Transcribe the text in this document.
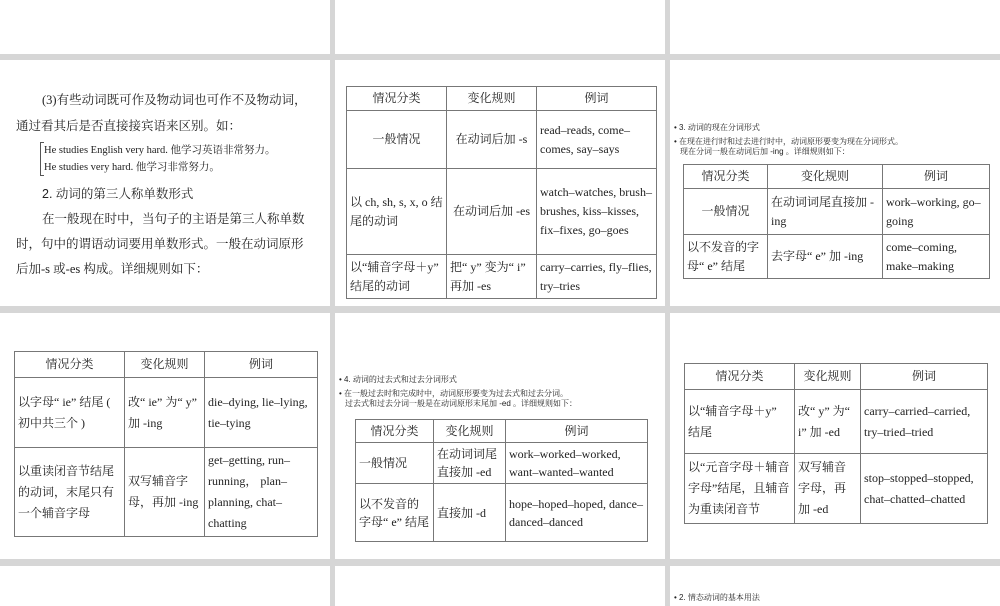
(3)有些动词既可作及物动词也可作不及物动词，

通过看其后是否直接接宾语来区别。如：

He studies English very hard. 他学习英语非常努力。

He studies very hard. 他学习非常努力。

2. 动词的第三人称单数形式

在一般现在时中，当句子的主语是第三人称单数

时，句中的谓语动词要用单数形式。一般在动词原形

后加-s 或-es 构成。详细规则如下：

情况分类	变化规则	例词
一般情况	在动词后加 -s	read–reads, come–comes, say–says
以 ch, sh, s, x, o 结尾的动词	在动词后加 -es	watch–watches, brush–brushes, kiss–kisses, fix–fixes, go–goes
以“辅音字母＋y” 结尾的动词	把“ y” 变为“ i” 再加 -es	carry–carries, fly–flies, try–tries

• 3. 动词的现在分词形式

• 在现在进行时和过去进行时中，动词原形要变为现在分词形式。

现在分词一般在动词后加 -ing 。详细规则如下：

情况分类	变化规则	例词
一般情况	在动词词尾直接加 -ing	work–working, go–going
以不发音的字母“ e” 结尾	去字母“ e” 加 -ing	come–coming, make–making
情况分类	变化规则	例词
以字母“ ie” 结尾 ( 初中共三个 )	改“ ie” 为“ y” 加 -ing	die–dying, lie–lying, tie–tying
以重读闭音节结尾的动词，末尾只有一个辅音字母	双写辅音字母，再加 -ing	get–getting, run–running， plan–planning, chat–chatting

• 4. 动词的过去式和过去分词形式

• 在一般过去时和完成时中，动词原形要变为过去式和过去分词。

过去式和过去分词一般是在动词原形末尾加 -ed 。详细规则如下：

情况分类	变化规则	例词
一般情况	在动词词尾直接加 -ed	work–worked–worked, want–wanted–wanted
以不发音的字母“ e” 结尾	直接加 -d	hope–hoped–hoped, dance–danced–danced
情况分类	变化规则	例词
以“辅音字母＋y” 结尾	改“ y” 为“ i” 加 -ed	carry–carried–carried, try–tried–tried
以“元音字母＋辅音字母”结尾，且辅音为重读闭音节	双写辅音字母，再加 -ed	stop–stopped–stopped, chat–chatted–chatted

• 2. 情态动词的基本用法
